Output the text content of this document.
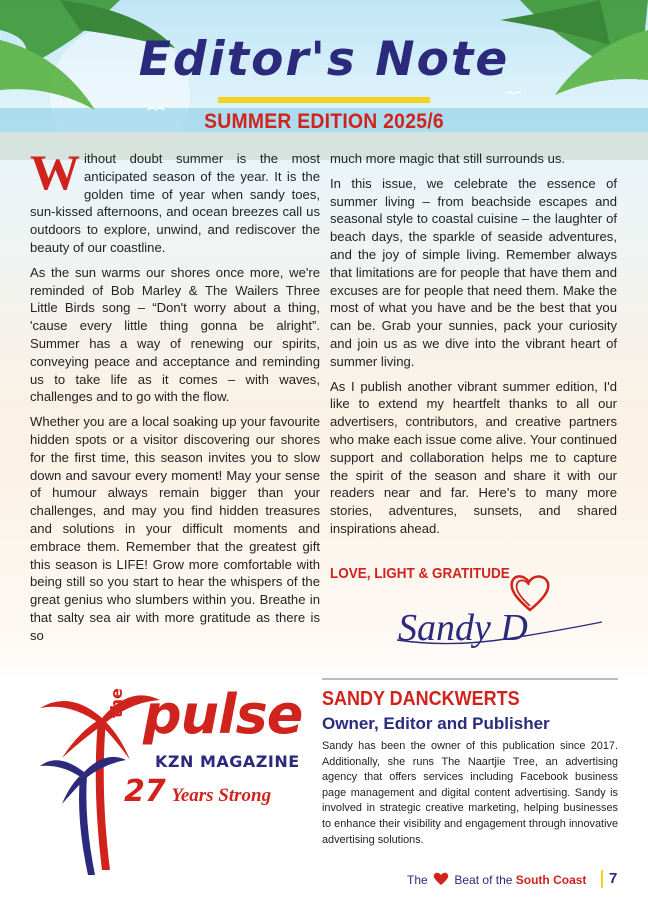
Editor's Note
SUMMER EDITION 2025/6

Without doubt summer is the most anticipated season of the year. It is the golden time of year when sandy toes, sun-kissed afternoons, and ocean breezes call us outdoors to explore, unwind, and rediscover the beauty of our coastline.

As the sun warms our shores once more, we're reminded of Bob Marley & The Wailers Three Little Birds song – “Don't worry about a thing, 'cause every little thing gonna be alright”. Summer has a way of renewing our spirits, conveying peace and acceptance and reminding us to take life as it comes – with waves, challenges and to go with the flow.

Whether you are a local soaking up your favourite hidden spots or a visitor discovering our shores for the first time, this season invites you to slow down and savour every moment! May your sense of humour always remain bigger than your challenges, and may you find hidden treasures and solutions in your difficult moments and embrace them. Remember that the greatest gift this season is LIFE! Grow more comfortable with being still so you start to hear the whispers of the great genius who slumbers within you. Breathe in that salty sea air with more gratitude as there is so

much more magic that still surrounds us.

In this issue, we celebrate the essence of summer living – from beachside escapes and seasonal style to coastal cuisine – the laughter of beach days, the sparkle of seaside adventures, and the joy of simple living. Remember always that limitations are for people that have them and excuses are for people that need them. Make the most of what you have and be the best that you can be. Grab your sunnies, pack your curiosity and join us as we dive into the vibrant heart of summer living.

As I publish another vibrant summer edition, I'd like to extend my heartfelt thanks to all our advertisers, contributors, and creative partners who make each issue come alive. Your continued support and collaboration helps me to capture the spirit of the season and share it with our readers near and far. Here's to many more stories, adventures, sunsets, and shared inspirations ahead.

LOVE, LIGHT & GRATITUDE
Sandy D
the pulse
KZN MAGAZINE
27 Years Strong
SANDY DANCKWERTS
Owner, Editor and Publisher
Sandy has been the owner of this publication since 2017. Additionally, she runs The Naartjie Tree, an advertising agency that offers services including Facebook business page management and digital content advertising. Sandy is involved in strategic creative marketing, helping businesses to enhance their visibility and engagement through innovative advertising solutions.
The Beat of the South Coast 7
